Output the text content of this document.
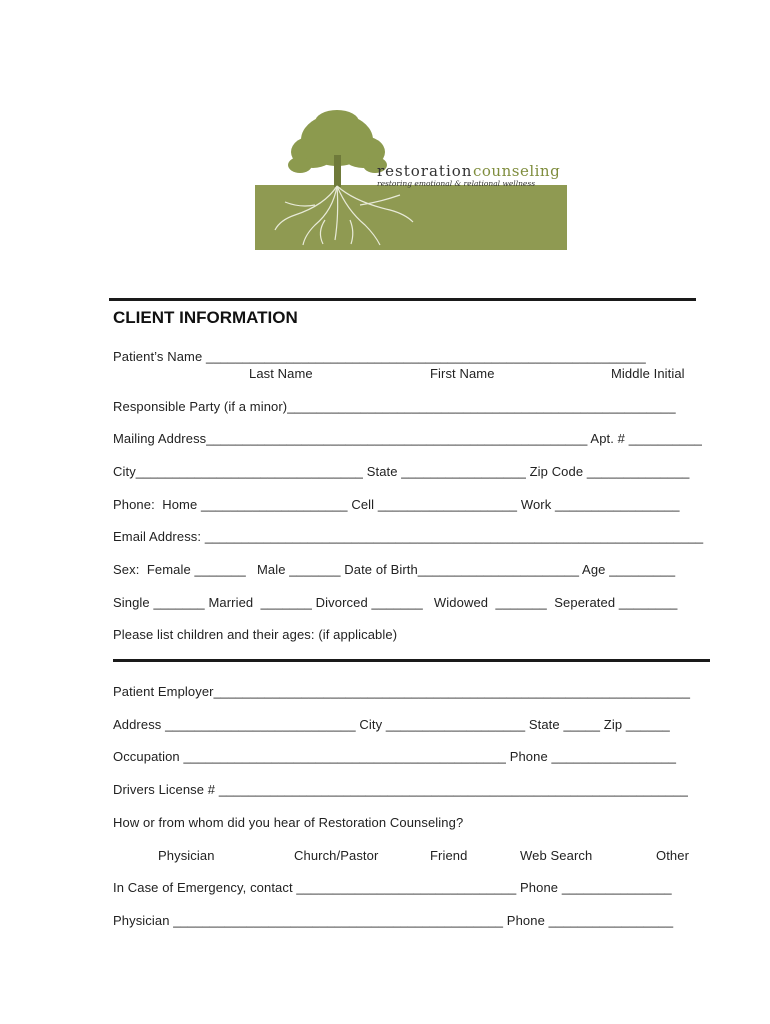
restoration counseling
restoring emotional & relational wellness
CLIENT INFORMATION
Patient’s Name ____________________________________________________________
Last Name	First Name	Middle Initial
Responsible Party (if a minor)_____________________________________________________
Mailing Address____________________________________________________ Apt. # __________
City_______________________________ State _________________ Zip Code ______________
Phone:  Home ____________________ Cell ___________________ Work _________________
Email Address: ____________________________________________________________________
Sex:  Female _______   Male _______ Date of Birth______________________ Age _________
Single _______ Married  _______ Divorced _______   Widowed  _______  Seperated ________
Please list children and their ages: (if applicable)
Patient Employer_________________________________________________________________
Address __________________________ City ___________________ State _____ Zip ______
Occupation ____________________________________________ Phone _________________
Drivers License # ________________________________________________________________
How or from whom did you hear of Restoration Counseling?
Physician	Church/Pastor	Friend	Web Search	Other
In Case of Emergency, contact ______________________________ Phone _______________
Physician _____________________________________________ Phone _________________
